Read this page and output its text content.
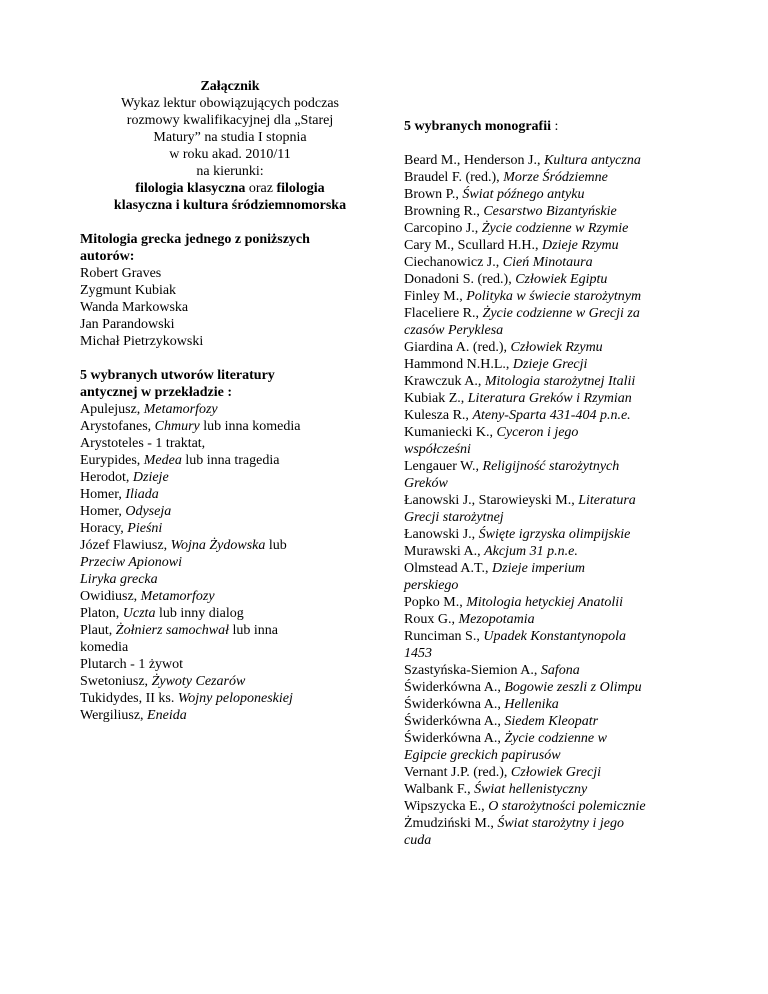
Załącznik
Wykaz lektur obowiązujących podczas
rozmowy kwalifikacyjnej dla „Starej
Matury” na studia I stopnia
w roku akad. 2010/11
na kierunki:
filologia klasyczna oraz filologia
klasyczna i kultura śródziemnomorska
Mitologia grecka jednego z poniższych
autorów:
Robert Graves
Zygmunt Kubiak
Wanda Markowska
Jan Parandowski
Michał Pietrzykowski
5 wybranych utworów literatury
antycznej w przekładzie :
Apulejusz, Metamorfozy
Arystofanes, Chmury lub inna komedia
Arystoteles - 1 traktat,
Eurypides, Medea lub inna tragedia
Herodot, Dzieje
Homer, Iliada
Homer, Odyseja
Horacy, Pieśni
Józef Flawiusz, Wojna Żydowska lub
Przeciw Apionowi
Liryka grecka
Owidiusz, Metamorfozy
Platon, Uczta lub inny dialog
Plaut, Żołnierz samochwał lub inna
komedia
Plutarch - 1 żywot
Swetoniusz, Żywoty Cezarów
Tukidydes, II ks. Wojny peloponeskiej
Wergiliusz, Eneida
5 wybranych monografii :
Beard M., Henderson J., Kultura antyczna
Braudel F. (red.), Morze Śródziemne
Brown P., Świat późnego antyku
Browning R., Cesarstwo Bizantyńskie
Carcopino J., Życie codzienne w Rzymie
Cary M., Scullard H.H., Dzieje Rzymu
Ciechanowicz J., Cień Minotaura
Donadoni S. (red.), Człowiek Egiptu
Finley M., Polityka w świecie starożytnym
Flaceliere R., Życie codzienne w Grecji za
czasów Peryklesa
Giardina A. (red.), Człowiek Rzymu
Hammond N.H.L., Dzieje Grecji
Krawczuk A., Mitologia starożytnej Italii
Kubiak Z., Literatura Greków i Rzymian
Kulesza R., Ateny-Sparta 431-404 p.n.e.
Kumaniecki K., Cyceron i jego
współcześni
Lengauer W., Religijność starożytnych
Greków
Łanowski J., Starowieyski M., Literatura
Grecji starożytnej
Łanowski J., Święte igrzyska olimpijskie
Murawski A., Akcjum 31 p.n.e.
Olmstead A.T., Dzieje imperium
perskiego
Popko M., Mitologia hetyckiej Anatolii
Roux G., Mezopotamia
Runciman S., Upadek Konstantynopola
1453
Szastyńska-Siemion A., Safona
Świderkówna A., Bogowie zeszli z Olimpu
Świderkówna A., Hellenika
Świderkówna A., Siedem Kleopatr
Świderkówna A., Życie codzienne w
Egipcie greckich papirusów
Vernant J.P. (red.), Człowiek Grecji
Walbank F., Świat hellenistyczny
Wipszycka E., O starożytności polemicznie
Żmudziński M., Świat starożytny i jego
cuda
